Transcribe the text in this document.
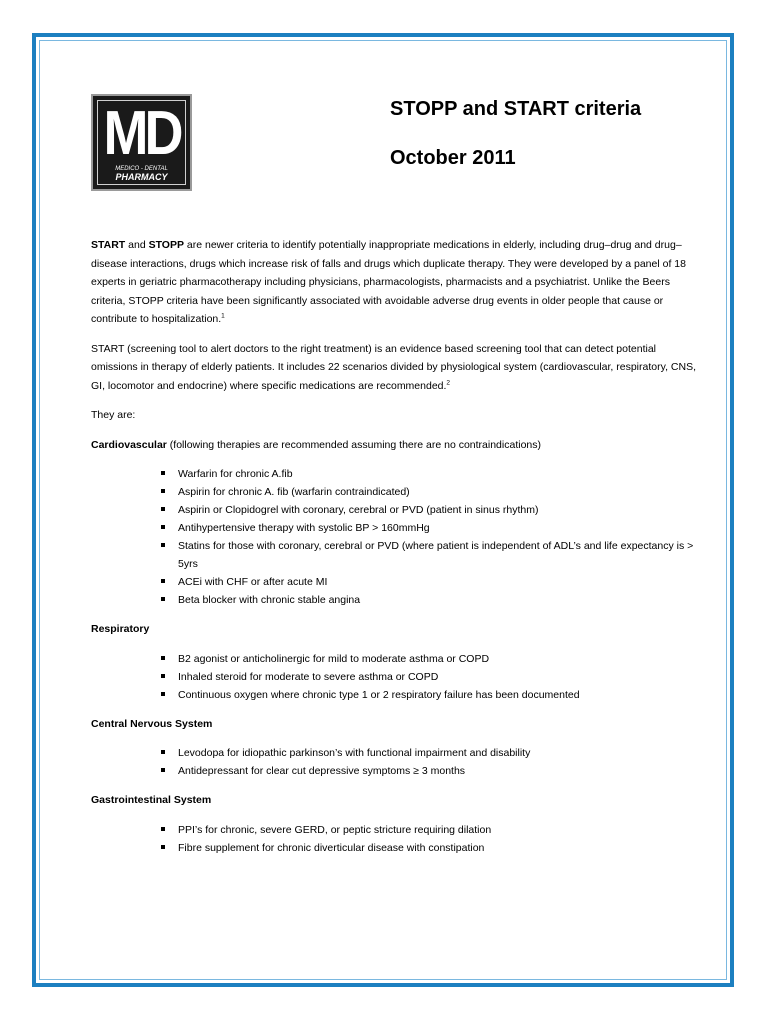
MD
MEDICO - DENTAL
PHARMACY
STOPP and START criteria
October 2011

START and STOPP are newer criteria to identify potentially inappropriate medications in elderly, including drug–drug and drug–disease interactions, drugs which increase risk of falls and drugs which duplicate therapy. They were developed by a panel of 18 experts in geriatric pharmacotherapy including physicians, pharmacologists, pharmacists and a psychiatrist. Unlike the Beers criteria, STOPP criteria have been significantly associated with avoidable adverse drug events in older people that cause or contribute to hospitalization.$^1$

START (screening tool to alert doctors to the right treatment) is an evidence based screening tool that can detect potential omissions in therapy of elderly patients. It includes 22 scenarios divided by physiological system (cardiovascular, respiratory, CNS, GI, locomotor and endocrine) where specific medications are recommended.$^2$

They are:

Cardiovascular (following therapies are recommended assuming there are no contraindications)

Warfarin for chronic A.fib
Aspirin for chronic A. fib (warfarin contraindicated)
Aspirin or Clopidogrel with coronary, cerebral or PVD (patient in sinus rhythm)
Antihypertensive therapy with systolic BP > 160mmHg
Statins for those with coronary, cerebral or PVD (where patient is independent of ADL’s and life expectancy is > 5yrs
ACEi with CHF or after acute MI
Beta blocker with chronic stable angina

Respiratory

B2 agonist or anticholinergic for mild to moderate asthma or COPD
Inhaled steroid for moderate to severe asthma or COPD
Continuous oxygen where chronic type 1 or 2 respiratory failure has been documented

Central Nervous System

Levodopa for idiopathic parkinson’s with functional impairment and disability
Antidepressant for clear cut depressive symptoms ≥ 3 months

Gastrointestinal System

PPI’s for chronic, severe GERD, or peptic stricture requiring dilation
Fibre supplement for chronic diverticular disease with constipation
